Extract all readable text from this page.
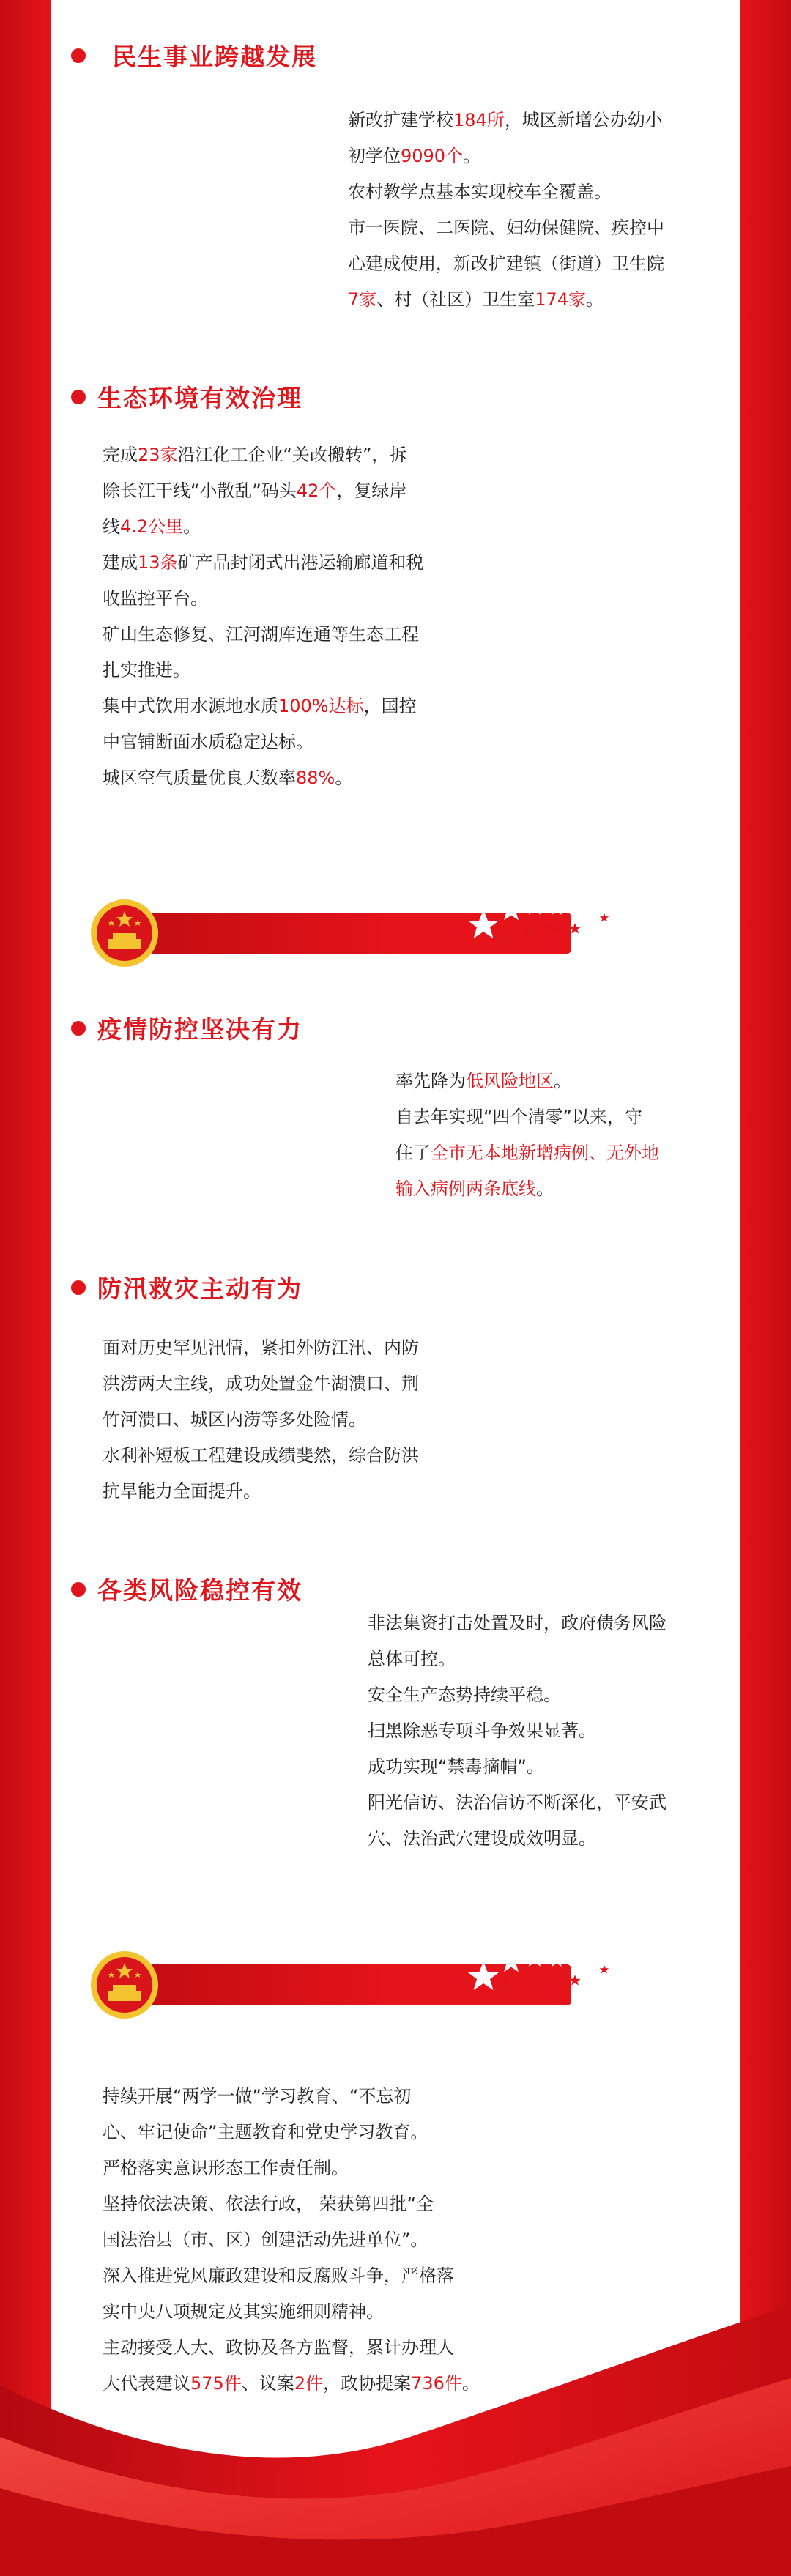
民生事业跨越发展

新改扩建学校184所，城区新增公办幼小

初学位9090个。

农村教学点基本实现校车全覆盖。

市一医院、二医院、妇幼保健院、疾控中

心建成使用，新改扩建镇（街道）卫生院

7家、村（社区）卫生室174家。

生态环境有效治理

完成23家沿江化工企业“关改搬转”，拆

除长江干线“小散乱”码头42个，复绿岸

线4.2公里。

建成13条矿产品封闭式出港运输廊道和税

收监控平台。

矿山生态修复、江河湖库连通等生态工程

扎实推进。

集中式饮用水源地水质100%达标，国控

中官铺断面水质稳定达标。

城区空气质量优良天数率88%。

疫情防控坚决有力

率先降为低风险地区。

自去年实现“四个清零”以来，守

住了全市无本地新增病例、无外地

输入病例两条底线。

防汛救灾主动有为

面对历史罕见汛情，紧扣外防江汛、内防

洪涝两大主线，成功处置金牛湖溃口、荆

竹河溃口、城区内涝等多处险情。

水利补短板工程建设成绩斐然，综合防洪

抗旱能力全面提升。

各类风险稳控有效

非法集资打击处置及时，政府债务风险

总体可控。

安全生产态势持续平稳。

扫黑除恶专项斗争效果显著。

成功实现“禁毒摘帽”。

阳光信访、法治信访不断深化，平安武

穴、法治武穴建设成效明显。

持续开展“两学一做”学习教育、“不忘初

心、牢记使命”主题教育和党史学习教育。

严格落实意识形态工作责任制。

坚持依法决策、依法行政， 荣获第四批“全

国法治县（市、区）创建活动先进单位”。

深入推进党风廉政建设和反腐败斗争，严格落

实中央八项规定及其实施细则精神。

主动接受人大、政协及各方监督，累计办理人

大代表建议575件、议案2件，政协提案736件。
